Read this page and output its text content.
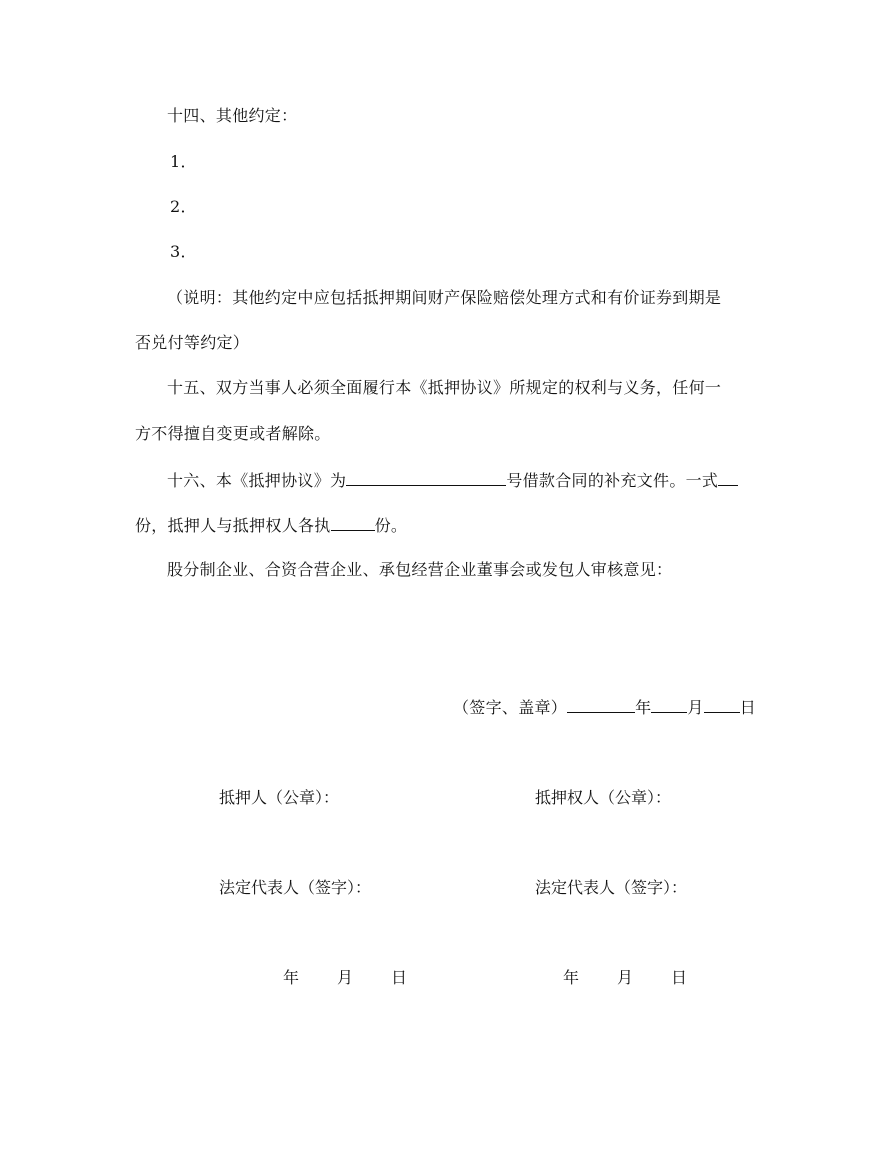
十四、其他约定：
1．
2．
3．
（说明：其他约定中应包括抵押期间财产保险赔偿处理方式和有价证券到期是
否兑付等约定）
十五、双方当事人必须全面履行本《抵押协议》所规定的权利与义务，任何一
方不得擅自变更或者解除。
十六、本《抵押协议》为	号借款合同的补充文件。一式
份，抵押人与抵押权人各执	份。
股分制企业、合资合营企业、承包经营企业董事会或发包人审核意见：
（签字、盖章）	年 月 日
抵押人（公章）：	抵押权人（公章）：
法定代表人（签字）：	法定代表人（签字）：
年 月 日	年 月 日
